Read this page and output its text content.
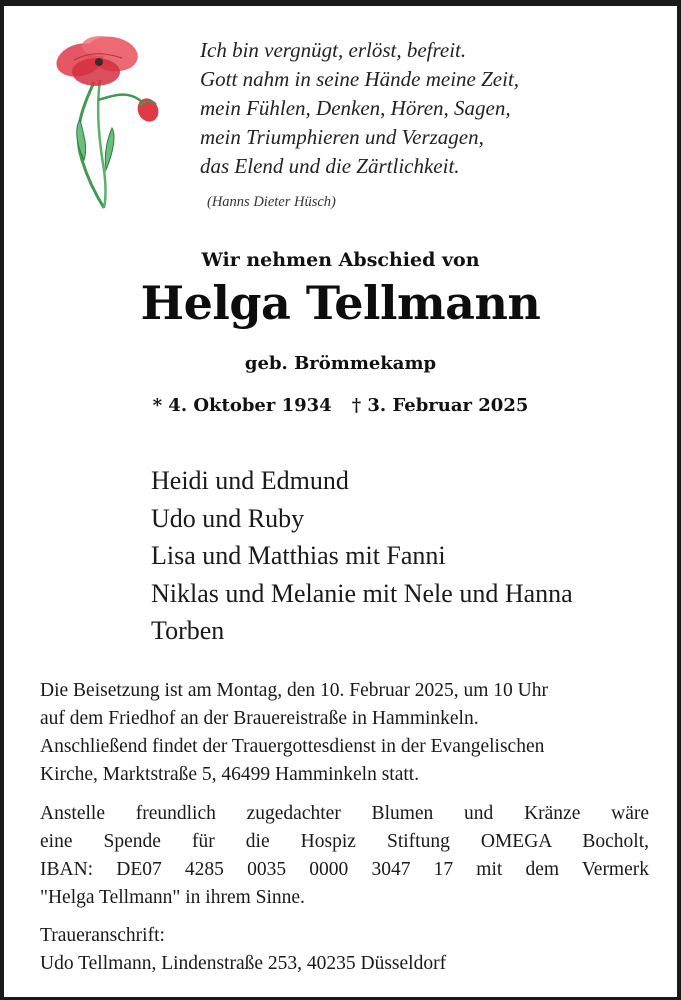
Ich bin vergnügt, erlöst, befreit.
Gott nahm in seine Hände meine Zeit,
mein Fühlen, Denken, Hören, Sagen,
mein Triumphieren und Verzagen,
das Elend und die Zärtlichkeit.
(Hanns Dieter Hüsch)
Wir nehmen Abschied von
Helga Tellmann
geb. Brömmekamp
* 4. Oktober 1934 † 3. Februar 2025
Heidi und Edmund
Udo und Ruby
Lisa und Matthias mit Fanni
Niklas und Melanie mit Nele und Hanna
Torben
Die Beisetzung ist am Montag, den 10. Februar 2025, um 10 Uhr
auf dem Friedhof an der Brauereistraße in Hamminkeln.
Anschließend findet der Trauergottesdienst in der Evangelischen
Kirche, Marktstraße 5, 46499 Hamminkeln statt.
Anstelle freundlich zugedachter Blumen und Kränze wäre
eine Spende für die Hospiz Stiftung OMEGA Bocholt,
IBAN: DE07 4285 0035 0000 3047 17 mit dem Vermerk
"Helga Tellmann" in ihrem Sinne.
Traueranschrift:
Udo Tellmann, Lindenstraße 253, 40235 Düsseldorf
